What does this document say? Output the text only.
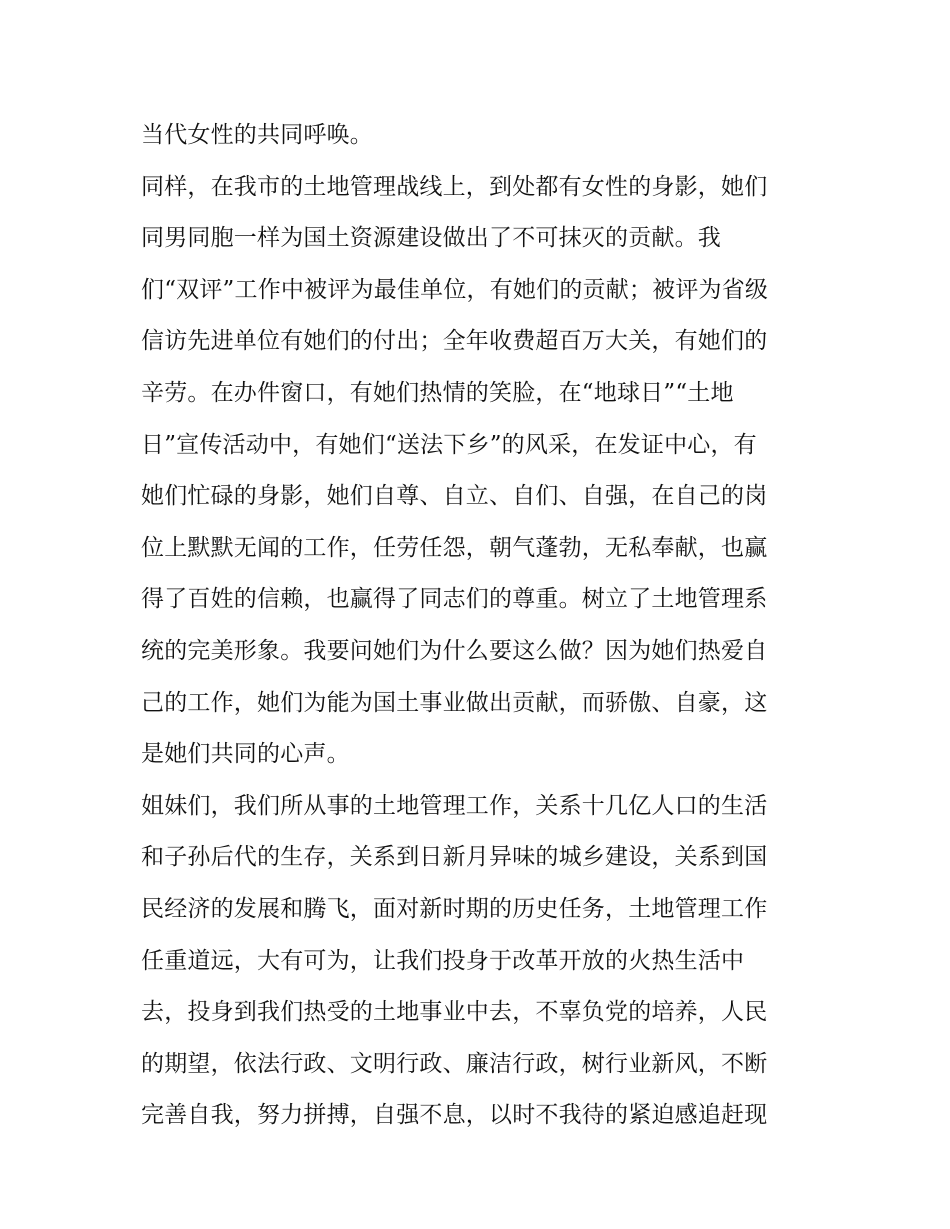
当代女性的共同呼唤。
同样，在我市的土地管理战线上，到处都有女性的身影，她们
同男同胞一样为国土资源建设做出了不可抹灭的贡献。我
们“双评”工作中被评为最佳单位，有她们的贡献；被评为省级
信访先进单位有她们的付出；全年收费超百万大关，有她们的
辛劳。在办件窗口，有她们热情的笑脸，在“地球日”“土地
日”宣传活动中，有她们“送法下乡”的风采，在发证中心，有
她们忙碌的身影，她们自尊、自立、自们、自强，在自己的岗
位上默默无闻的工作，任劳任怨，朝气蓬勃，无私奉献，也赢
得了百姓的信赖，也赢得了同志们的尊重。树立了土地管理系
统的完美形象。我要问她们为什么要这么做？因为她们热爱自
己的工作，她们为能为国土事业做出贡献，而骄傲、自豪，这
是她们共同的心声。
姐妹们，我们所从事的土地管理工作，关系十几亿人口的生活
和子孙后代的生存，关系到日新月异味的城乡建设，关系到国
民经济的发展和腾飞，面对新时期的历史任务，土地管理工作
任重道远，大有可为，让我们投身于改革开放的火热生活中
去，投身到我们热受的土地事业中去，不辜负党的培养，人民
的期望，依法行政、文明行政、廉洁行政，树行业新风，不断
完善自我，努力拼搏，自强不息，以时不我待的紧迫感追赶现
